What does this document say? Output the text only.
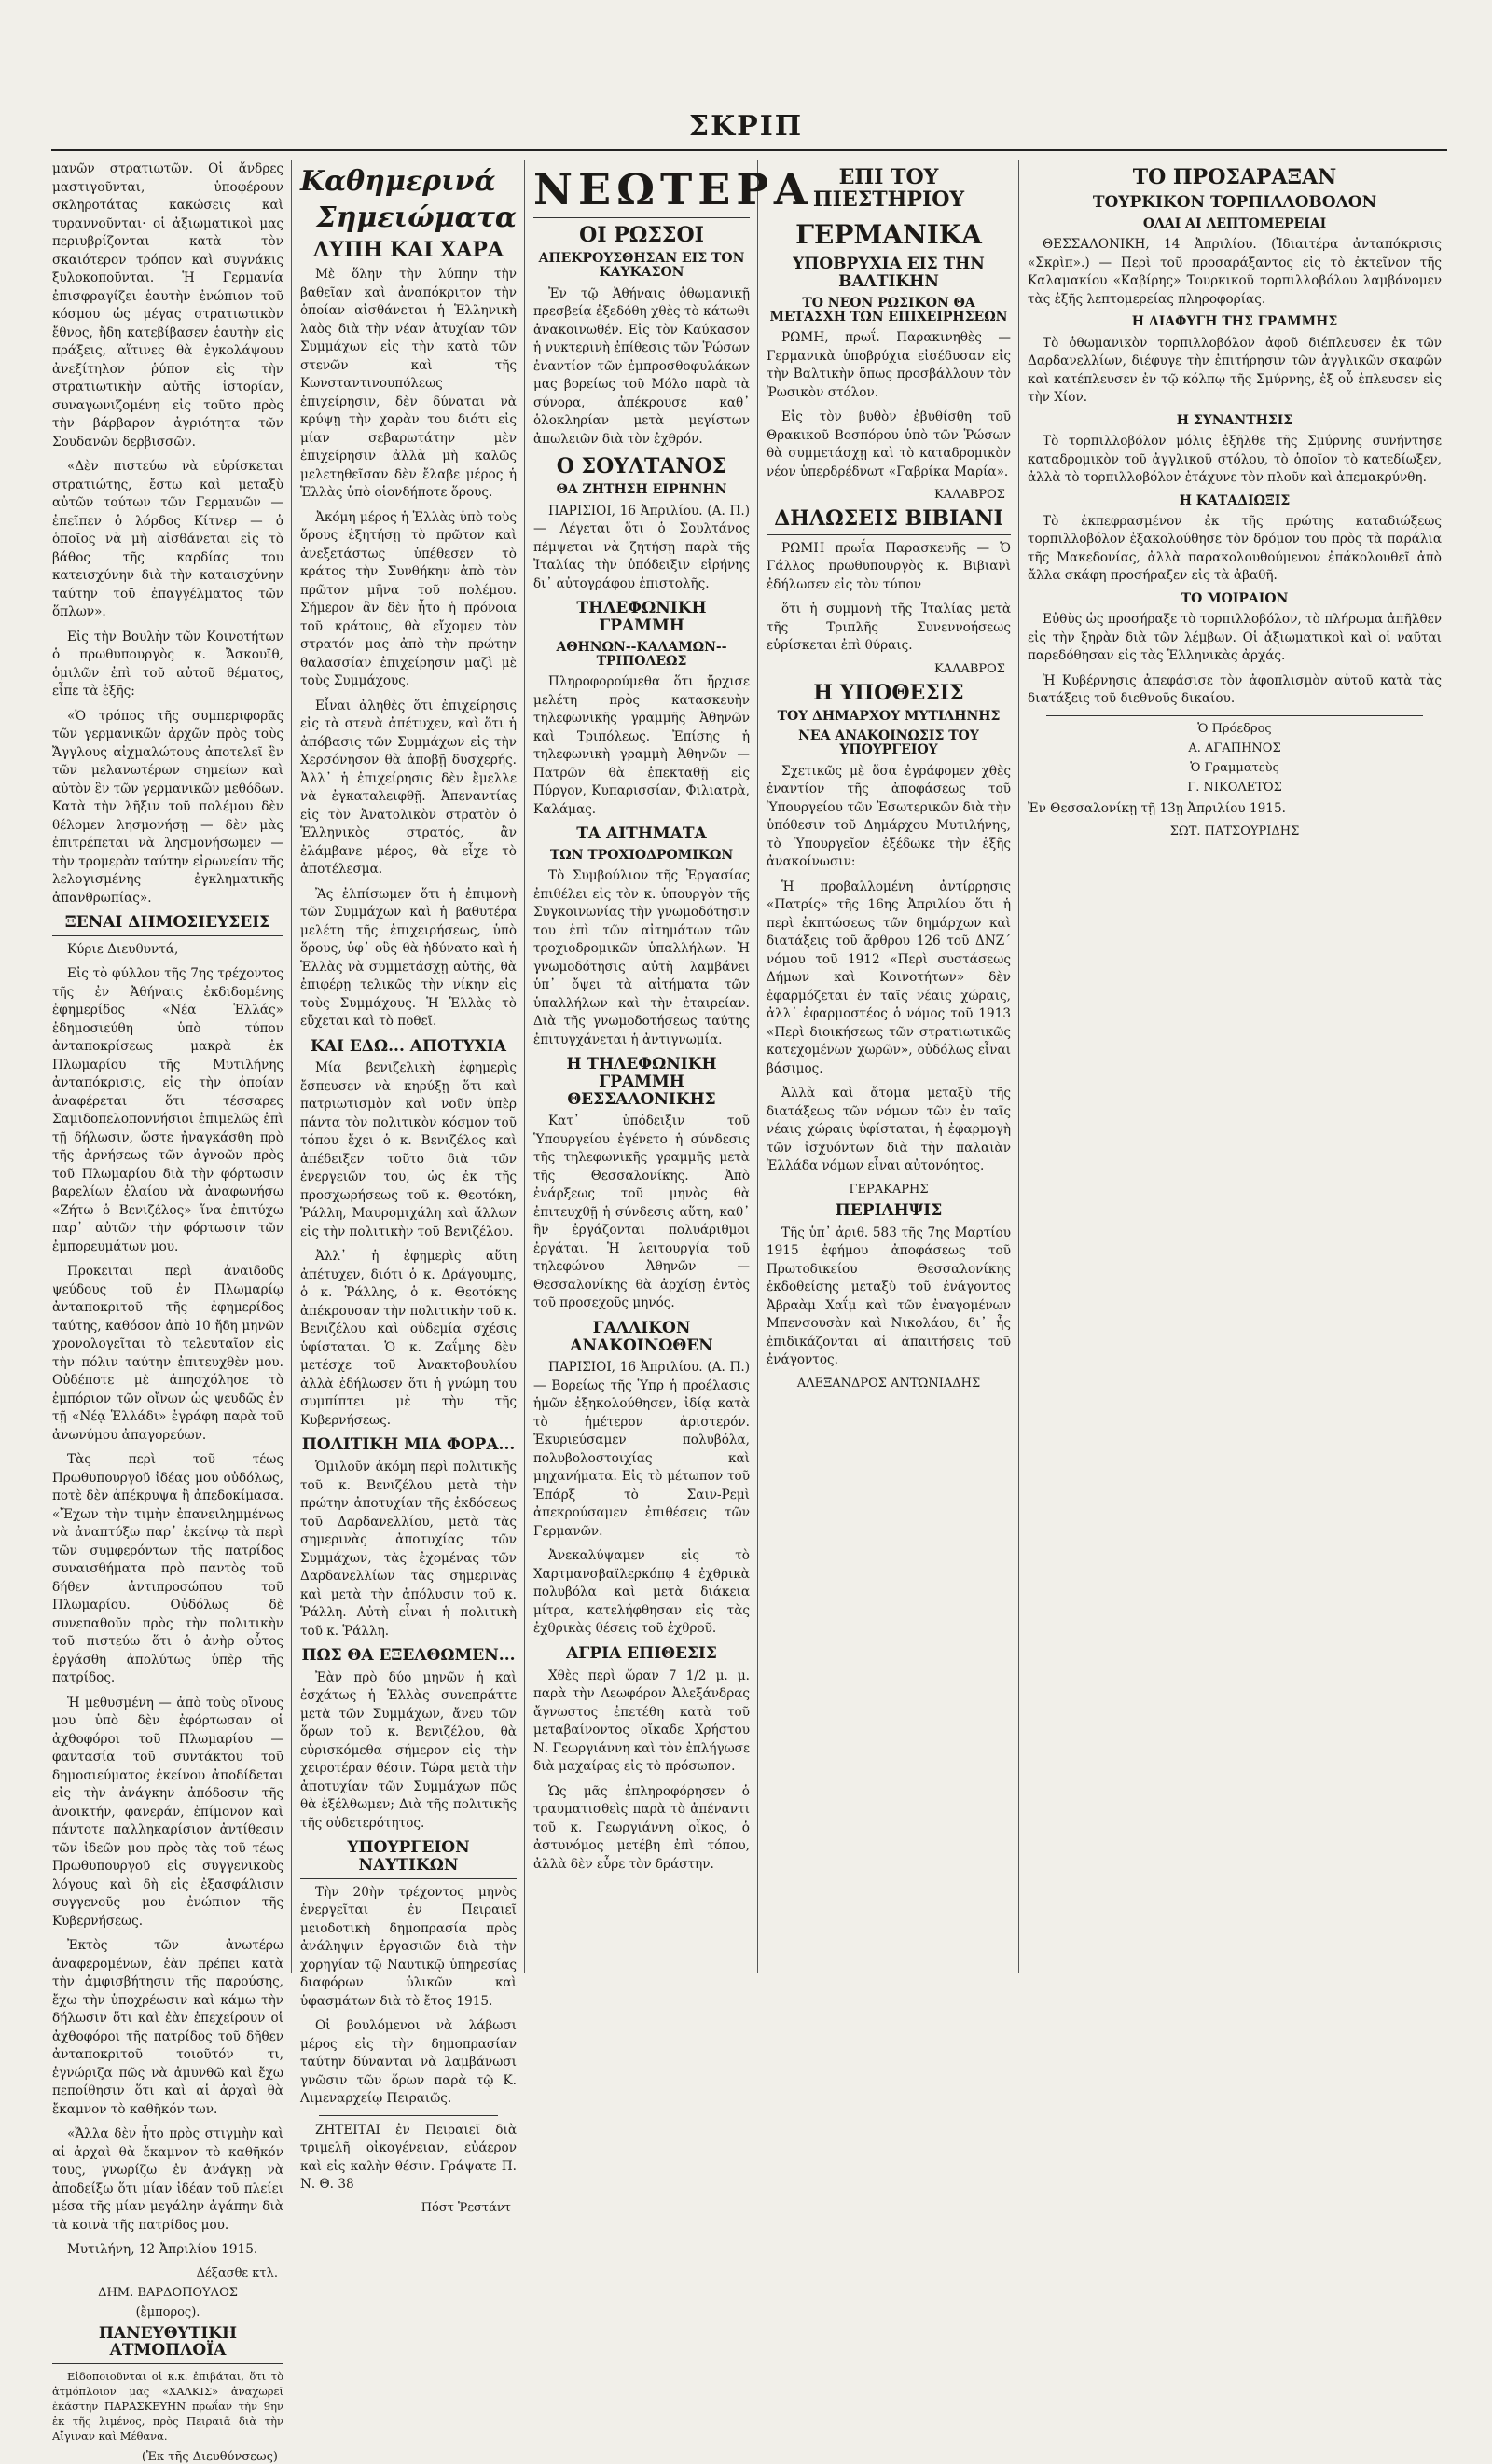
ΣΚΡΙΠ

μανῶν στρατιωτῶν. Οἱ ἄνδρες μαστιγοῦνται, ὑποφέρουν σκληροτάτας κακώσεις καὶ τυραννοῦνται· οἱ ἀξιωματικοὶ μας περιυβρίζονται κατὰ τὸν σκαιότερον τρόπον καὶ συγνάκις ξυλοκοποῦνται. Ἡ Γερμανία ἐπισφραγίζει ἑαυτὴν ἐνώπιον τοῦ κόσμου ὡς μέγας στρατιωτικὸν ἔθνος, ἤδη κατεβίβασεν ἑαυτὴν εἰς πράξεις, αἵτινες θὰ ἐγκολάψουν ἀνεξίτηλον ῥύπον εἰς τὴν στρατιωτικὴν αὐτῆς ἱστορίαν, συναγωνιζομένη εἰς τοῦτο πρὸς τὴν βάρβαρον ἀγριότητα τῶν Σουδανῶν δερβισσῶν.

«Δὲν πιστεύω νὰ εὑρίσκεται στρατιώτης, ἔστω καὶ μεταξὺ αὐτῶν τούτων τῶν Γερμανῶν — ἐπεῖπεν ὁ λόρδος Κίτνερ — ὁ ὁποῖος νὰ μὴ αἰσθάνεται εἰς τὸ βάθος τῆς καρδίας του κατεισχύνην διὰ τὴν καταισχύνην ταύτην τοῦ ἐπαγγέλματος τῶν ὅπλων».

Εἰς τὴν Βουλὴν τῶν Κοινοτήτων ὁ πρωθυπουργὸς κ. Ἄσκουϊθ, ὁμιλῶν ἐπὶ τοῦ αὐτοῦ θέματος, εἶπε τὰ ἑξῆς:

«Ὁ τρόπος τῆς συμπεριφορᾶς τῶν γερμανικῶν ἀρχῶν πρὸς τοὺς Ἄγγλους αἰχμαλώτους ἀποτελεῖ ἓν τῶν μελανωτέρων σημείων καὶ αὐτὸν ἓν τῶν γερμανικῶν μεθόδων. Κατὰ τὴν λῆξιν τοῦ πολέμου δὲν θέλομεν λησμονήσῃ — δὲν μὰς ἐπιτρέπεται νὰ λησμονήσωμεν — τὴν τρομερὰν ταύτην εἰρωνείαν τῆς λελογισμένης ἐγκληματικῆς ἀπανθρωπίας».

ΞΕΝΑΙ ΔΗΜΟΣΙΕΥΣΕΙΣ

Κύριε Διευθυντά,

Εἰς τὸ φύλλον τῆς 7ης τρέχοντος τῆς ἐν Ἀθήναις ἐκδιδομένης ἐφημερίδος «Νέα Ἑλλάς» ἐδημοσιεύθη ὑπὸ τύπον ἀνταποκρίσεως μακρὰ ἐκ Πλωμαρίου τῆς Μυτιλήνης ἀνταπόκρισις, εἰς τὴν ὁποίαν ἀναφέρεται ὅτι τέσσαρες Σαμιδοπελοποννήσιοι ἐπιμελῶς ἐπὶ τῇ δήλωσιν, ὥστε ἠναγκάσθη πρὸ τῆς ἀρνήσεως τῶν ἀγνοῶν πρὸς τοῦ Πλωμαρίου διὰ τὴν φόρτωσιν βαρελίων ἐλαίου νὰ ἀναφωνήσω «Ζήτω ὁ Βενιζέλος» ἵνα ἐπιτύχω παρ᾽ αὐτῶν τὴν φόρτωσιν τῶν ἐμπορευμάτων μου.

Προκειται περὶ ἀναιδοῦς ψεύδους τοῦ ἐν Πλωμαρίῳ ἀνταποκριτοῦ τῆς ἐφημερίδος ταύτης, καθόσον ἀπὸ 10 ἤδη μηνῶν χρονολογεῖται τὸ τελευταῖον εἰς τὴν πόλιν ταύτην ἐπιτευχθὲν μου. Οὐδέποτε μὲ ἀπησχόλησε τὸ ἐμπόριον τῶν οἴνων ὡς ψευδῶς ἐν τῇ «Νέᾳ Ἑλλάδι» ἐγράφη παρὰ τοῦ ἀνωνύμου ἀπαγορεύων.

Τὰς περὶ τοῦ τέως Πρωθυπουργοῦ ἰδέας μου οὐδόλως, ποτὲ δὲν ἀπέκρυψα ἢ ἀπεδοκίμασα. «Ἔχων τὴν τιμὴν ἐπανειλημμένως νὰ ἀναπτύξω παρ᾽ ἐκείνῳ τὰ περὶ τῶν συμφερόντων τῆς πατρίδος συναισθήματα πρὸ παντὸς τοῦ δήθεν ἀντιπροσώπου τοῦ Πλωμαρίου. Οὐδόλως δὲ συνεπαθοῦν πρὸς τὴν πολιτικὴν τοῦ πιστεύω ὅτι ὁ ἀνὴρ οὗτος ἐργάσθη ἀπολύτως ὑπὲρ τῆς πατρίδος.

Ἡ μεθυσμένη — ἀπὸ τοὺς οἴνους μου ὑπὸ δὲν ἐφόρτωσαν οἱ ἀχθοφόροι τοῦ Πλωμαρίου — φαντασία τοῦ συντάκτου τοῦ δημοσιεύματος ἐκείνου ἀποδίδεται εἰς τὴν ἀνάγκην ἀπόδοσιν τῆς ἀνοικτήν, φανεράν, ἐπίμονον καὶ πάντοτε παλληκαρίσιον ἀντίθεσιν τῶν ἰδεῶν μου πρὸς τὰς τοῦ τέως Πρωθυπουργοῦ εἰς συγγενικοὺς λόγους καὶ δὴ εἰς ἐξασφάλισιν συγγενοῦς μου ἐνώπιον τῆς Κυβερνήσεως.

Ἐκτὸς τῶν ἀνωτέρω ἀναφερομένων, ἐὰν πρέπει κατὰ τὴν ἀμφισβήτησιν τῆς παρούσης, ἔχω τὴν ὑποχρέωσιν καὶ κάμω τὴν δήλωσιν ὅτι καὶ ἐὰν ἐπεχείρουν οἱ ἀχθοφόροι τῆς πατρίδος τοῦ δῆθεν ἀνταποκριτοῦ τοιοῦτόν τι, ἐγνώριζα πῶς νὰ ἀμυνθῶ καὶ ἔχω πεποίθησιν ὅτι καὶ αἱ ἀρχαὶ θὰ ἔκαμνον τὸ καθῆκόν των.

«Ἄλλα δὲν ἦτο πρὸς στιγμὴν καὶ αἱ ἀρχαὶ θὰ ἔκαμνον τὸ καθῆκόν τους, γνωρίζω ἐν ἀνάγκῃ νὰ ἀποδείξω ὅτι μίαν ἰδέαν τοῦ πλείει μέσα τῆς μίαν μεγάλην ἀγάπην διὰ τὰ κοινὰ τῆς πατρίδος μου.

Μυτιλήνη, 12 Ἀπριλίου 1915.

Δέξασθε κτλ.
ΔΗΜ. ΒΑΡΔΟΠΟΥΛΟΣ
(ἔμπορος).
ΠΑΝΕΥΘΥΤΙΚΗ ΑΤΜΟΠΛΟΪΑ

Εἰδοποιοῦνται οἱ κ.κ. ἐπιβάται, ὅτι τὸ ἀτμόπλοιον μας «ΧΑΛΚΙΣ» ἀναχωρεῖ ἐκάστην ΠΑΡΑΣΚΕΥΗΝ πρωΐαν τὴν 9ην ἐκ τῆς λιμένος, πρὸς Πειραιᾶ διὰ τὴν Αἴγιναν καὶ Μέθανα.

(Ἐκ τῆς Διευθύνσεως)
Καθημερινά
Σημειώματα
ΛΥΠΗ ΚΑΙ ΧΑΡΑ

Μὲ ὅλην τὴν λύπην τὴν βαθεῖαν καὶ ἀναπόκριτον τὴν ὁποίαν αἰσθάνεται ἡ Ἑλληνικὴ λαὸς διὰ τὴν νέαν ἀτυχίαν τῶν Συμμάχων εἰς τὴν κατὰ τῶν στενῶν καὶ τῆς Κωνσταντινουπόλεως ἐπιχείρησιν, δὲν δύναται νὰ κρύψῃ τὴν χαρὰν του διότι εἰς μίαν σεβαρωτάτην μὲν ἐπιχείρησιν ἀλλὰ μὴ καλῶς μελετηθεῖσαν δὲν ἔλαβε μέρος ἡ Ἑλλὰς ὑπὸ οἱονδήποτε ὅρους.

Ἀκόμη μέρος ἡ Ἑλλὰς ὑπὸ τοὺς ὅρους ἐξητήσῃ τὸ πρῶτον καὶ ἀνεξετάστως ὑπέθεσεν τὸ κράτος τὴν Συνθήκην ἀπὸ τὸν πρῶτον μῆνα τοῦ πολέμου. Σήμερον ἂν δὲν ἦτο ἡ πρόνοια τοῦ κράτους, θὰ εἴχομεν τὸν στρατόν μας ἀπὸ τὴν πρώτην θαλασσίαν ἐπιχείρησιν μαζὶ μὲ τοὺς Συμμάχους.

Εἶναι ἀληθὲς ὅτι ἐπιχείρησις εἰς τὰ στενὰ ἀπέτυχεν, καὶ ὅτι ἡ ἀπόβασις τῶν Συμμάχων εἰς τὴν Χερσόνησον θὰ ἀποβῇ δυσχερής. Ἀλλ᾽ ἡ ἐπιχείρησις δὲν ἔμελλε νὰ ἐγκαταλειφθῇ. Ἀπεναντίας εἰς τὸν Ἀνατολικὸν στρατὸν ὁ Ἑλληνικὸς στρατός, ἂν ἐλάμβανε μέρος, θὰ εἶχε τὸ ἀποτέλεσμα.

Ἂς ἐλπίσωμεν ὅτι ἡ ἐπιμονὴ τῶν Συμμάχων καὶ ἡ βαθυτέρα μελέτη τῆς ἐπιχειρήσεως, ὑπὸ ὅρους, ὑφ᾽ οὓς θὰ ἠδύνατο καὶ ἡ Ἑλλὰς νὰ συμμετάσχῃ αὐτῆς, θὰ ἐπιφέρῃ τελικῶς τὴν νίκην εἰς τοὺς Συμμάχους. Ἡ Ἑλλὰς τὸ εὔχεται καὶ τὸ ποθεῖ.

ΚΑΙ ΕΔΩ... ΑΠΟΤΥΧΙΑ

Μία βενιζελικὴ ἐφημερὶς ἔσπευσεν νὰ κηρύξῃ ὅτι καὶ πατριωτισμὸν καὶ νοῦν ὑπὲρ πάντα τὸν πολιτικὸν κόσμον τοῦ τόπου ἔχει ὁ κ. Βενιζέλος καὶ ἀπέδειξεν τοῦτο διὰ τῶν ἐνεργειῶν του, ὡς ἐκ τῆς προσχωρήσεως τοῦ κ. Θεοτόκη, Ῥάλλη, Μαυρομιχάλη καὶ ἄλλων εἰς τὴν πολιτικὴν τοῦ Βενιζέλου.

Ἀλλ᾽ ἡ ἐφημερὶς αὕτη ἀπέτυχεν, διότι ὁ κ. Δράγουμης, ὁ κ. Ῥάλλης, ὁ κ. Θεοτόκης ἀπέκρουσαν τὴν πολιτικὴν τοῦ κ. Βενιζέλου καὶ οὐδεμία σχέσις ὑφίσταται. Ὁ κ. Ζαΐμης δὲν μετέσχε τοῦ Ἀνακτοβουλίου ἀλλὰ ἐδήλωσεν ὅτι ἡ γνώμη του συμπίπτει μὲ τὴν τῆς Κυβερνήσεως.

ΠΟΛΙΤΙΚΗ ΜΙΑ ΦΟΡΑ...

Ὁμιλοῦν ἀκόμη περὶ πολιτικῆς τοῦ κ. Βενιζέλου μετὰ τὴν πρώτην ἀποτυχίαν τῆς ἐκδόσεως τοῦ Δαρδανελλίου, μετὰ τὰς σημερινὰς ἀποτυχίας τῶν Συμμάχων, τὰς ἐχομένας τῶν Δαρδανελλίων τὰς σημερινὰς καὶ μετὰ τὴν ἀπόλυσιν τοῦ κ. Ῥάλλη. Αὐτὴ εἶναι ἡ πολιτικὴ τοῦ κ. Ῥάλλη.

ΠΩΣ ΘΑ ΕΞΕΛΘΩΜΕΝ...

Ἐὰν πρὸ δύο μηνῶν ἡ καὶ ἐσχάτως ἡ Ἑλλὰς συνεπράττε μετὰ τῶν Συμμάχων, ἄνευ τῶν ὅρων τοῦ κ. Βενιζέλου, θὰ εὑρισκόμεθα σήμερον εἰς τὴν χειροτέραν θέσιν. Τώρα μετὰ τὴν ἀποτυχίαν τῶν Συμμάχων πῶς θὰ ἐξέλθωμεν; Διὰ τῆς πολιτικῆς τῆς οὐδετερότητος.

ΥΠΟΥΡΓΕΙΟΝ ΝΑΥΤΙΚΩΝ

Τὴν 20ὴν τρέχοντος μηνὸς ἐνεργεῖται ἐν Πειραιεῖ μειοδοτικὴ δημοπρασία πρὸς ἀνάληψιν ἐργασιῶν διὰ τὴν χορηγίαν τῷ Ναυτικῷ ὑπηρεσίας διαφόρων ὑλικῶν καὶ ὑφασμάτων διὰ τὸ ἔτος 1915.

Οἱ βουλόμενοι νὰ λάβωσι μέρος εἰς τὴν δημοπρασίαν ταύτην δύνανται νὰ λαμβάνωσι γνῶσιν τῶν ὅρων παρὰ τῷ Κ. Λιμεναρχείῳ Πειραιῶς.

ΖΗΤΕΙΤΑΙ ἐν Πειραιεῖ διὰ τριμελῆ οἰκογένειαν, εὐάερον καὶ εἰς καλὴν θέσιν. Γράψατε Π. Ν. Θ. 38

Πόστ Ῥεστάντ
ΝΕΩΤΕΡΑ
ΟΙ ΡΩΣΣΟΙ
ΑΠΕΚΡΟΥΣΘΗΣΑΝ ΕΙΣ ΤΟΝ ΚΑΥΚΑΣΟΝ

Ἐν τῷ Ἀθήναις ὁθωμανικῇ πρεσβείᾳ ἐξεδόθη χθὲς τὸ κάτωθι ἀνακοινωθέν. Εἰς τὸν Καύκασον ἡ νυκτερινὴ ἐπίθεσις τῶν Ῥώσων ἐναντίον τῶν ἐμπροσθοφυλάκων μας βορείως τοῦ Μόλο παρὰ τὰ σύνορα, ἀπέκρουσε καθ᾽ ὁλοκληρίαν μετὰ μεγίστων ἀπωλειῶν διὰ τὸν ἐχθρόν.

Ο ΣΟΥΛΤΑΝΟΣ
ΘΑ ΖΗΤΗΣΗ ΕΙΡΗΝΗΝ

ΠΑΡΙΣΙΟΙ, 16 Ἀπριλίου. (Α. Π.) — Λέγεται ὅτι ὁ Σουλτάνος πέμψεται νὰ ζητήσῃ παρὰ τῆς Ἰταλίας τὴν ὑπόδειξιν εἰρήνης δι᾽ αὐτογράφου ἐπιστολῆς.

ΤΗΛΕΦΩΝΙΚΗ ΓΡΑΜΜΗ
ΑΘΗΝΩΝ--ΚΑΛΑΜΩΝ--ΤΡΙΠΟΛΕΩΣ

Πληροφορούμεθα ὅτι ἤρχισε μελέτη πρὸς κατασκευὴν τηλεφωνικῆς γραμμῆς Ἀθηνῶν καὶ Τριπόλεως. Ἐπίσης ἡ τηλεφωνικὴ γραμμὴ Ἀθηνῶν — Πατρῶν θὰ ἐπεκταθῇ εἰς Πύργον, Κυπαρισσίαν, Φιλιατρὰ, Καλάμας.

ΤΑ ΑΙΤΗΜΑΤΑ
ΤΩΝ ΤΡΟΧΙΟΔΡΟΜΙΚΩΝ

Τὸ Συμβούλιον τῆς Ἐργασίας ἐπιθέλει εἰς τὸν κ. ὑπουργὸν τῆς Συγκοινωνίας τὴν γνωμοδότησιν του ἐπὶ τῶν αἰτημάτων τῶν τροχιοδρομικῶν ὑπαλλήλων. Ἡ γνωμοδότησις αὐτὴ λαμβάνει ὑπ᾽ ὄψει τὰ αἰτήματα τῶν ὑπαλλήλων καὶ τὴν ἐταιρείαν. Διὰ τῆς γνωμοδοτήσεως ταύτης ἐπιτυγχάνεται ἡ ἀντιγνωμία.

Η ΤΗΛΕΦΩΝΙΚΗ ΓΡΑΜΜΗ ΘΕΣΣΑΛΟΝΙΚΗΣ

Κατ᾽ ὑπόδειξιν τοῦ Ὑπουργείου ἐγένετο ἡ σύνδεσις τῆς τηλεφωνικῆς γραμμῆς μετὰ τῆς Θεσσαλονίκης. Ἀπὸ ἐνάρξεως τοῦ μηνὸς θὰ ἐπιτευχθῇ ἡ σύνδεσις αὕτη, καθ᾽ ἣν ἐργάζονται πολυάριθμοι ἐργάται. Ἡ λειτουργία τοῦ τηλεφώνου Ἀθηνῶν — Θεσσαλονίκης θὰ ἀρχίσῃ ἐντὸς τοῦ προσεχοῦς μηνός.

ΓΑΛΛΙΚΟΝ ΑΝΑΚΟΙΝΩΘΕΝ

ΠΑΡΙΣΙΟΙ, 16 Ἀπριλίου. (Α. Π.) — Βορείως τῆς Ὑπρ ἡ προέλασις ἡμῶν ἐξηκολούθησεν, ἰδίᾳ κατὰ τὸ ἡμέτερον ἀριστερόν. Ἐκυριεύσαμεν πολυβόλα, πολυβολοστοιχίας καὶ μηχανήματα. Εἰς τὸ μέτωπον τοῦ Ἐπάρξ τὸ Σαιν-Ρεμὶ ἀπεκρούσαμεν ἐπιθέσεις τῶν Γερμανῶν.

Ἀνεκαλύψαμεν εἰς τὸ Χαρτμανσβαϊλερκόπφ 4 ἐχθρικὰ πολυβόλα καὶ μετὰ διάκεια μίτρα, κατελήφθησαν εἰς τὰς ἐχθρικὰς θέσεις τοῦ ἐχθροῦ.

ΑΓΡΙΑ ΕΠΙΘΕΣΙΣ

Χθὲς περὶ ὥραν 7 1/2 μ. μ. παρὰ τὴν Λεωφόρον Ἀλεξάνδρας ἄγνωστος ἐπετέθη κατὰ τοῦ μεταβαίνοντος οἴκαδε Χρήστου Ν. Γεωργιάννη καὶ τὸν ἐπλήγωσε διὰ μαχαίρας εἰς τὸ πρόσωπον.

Ὡς μᾶς ἐπληροφόρησεν ὁ τραυματισθεὶς παρὰ τὸ ἀπέναντι τοῦ κ. Γεωργιάννη οἶκος, ὁ ἀστυνόμος μετέβη ἐπὶ τόπου, ἀλλὰ δὲν εὗρε τὸν δράστην.

ΕΠΙ ΤΟΥ ΠΙΕΣΤΗΡΙΟΥ
ΓΕΡΜΑΝΙΚΑ
ΥΠΟΒΡΥΧΙΑ ΕΙΣ ΤΗΝ ΒΑΛΤΙΚΗΝ
ΤΟ ΝΕΟΝ ΡΩΣΙΚΟΝ ΘΑ ΜΕΤΑΣΧΗ ΤΩΝ ΕΠΙΧΕΙΡΗΣΕΩΝ

ΡΩΜΗ, πρωΐ. Παρακινηθὲς — Γερμανικὰ ὑποβρύχια εἰσέδυσαν εἰς τὴν Βαλτικὴν ὅπως προσβάλλουν τὸν Ῥωσικὸν στόλον.

Εἰς τὸν βυθὸν ἐβυθίσθη τοῦ Θρακικοῦ Βοσπόρου ὑπὸ τῶν Ῥώσων θὰ συμμετάσχῃ καὶ τὸ καταδρομικὸν νέον ὑπερδρέδνωτ «Γαβρίκα Μαρία».

ΚΑΛΑΒΡΟΣ
ΔΗΛΩΣΕΙΣ ΒΙΒΙΑΝΙ

ΡΩΜΗ πρωΐα Παρασκευῆς — Ὁ Γάλλος πρωθυπουργὸς κ. Βιβιανὶ ἐδήλωσεν εἰς τὸν τύπον

ὅτι ἡ συμμονὴ τῆς Ἰταλίας μετὰ τῆς Τριπλῆς Συνεννοήσεως εὑρίσκεται ἐπὶ θύραις.

ΚΑΛΑΒΡΟΣ
Η ΥΠΟΘΕΣΙΣ
ΤΟΥ ΔΗΜΑΡΧΟΥ ΜΥΤΙΛΗΝΗΣ
ΝΕΑ ΑΝΑΚΟΙΝΩΣΙΣ ΤΟΥ ΥΠΟΥΡΓΕΙΟΥ

Σχετικῶς μὲ ὅσα ἐγράφομεν χθὲς ἐναντίον τῆς ἀποφάσεως τοῦ Ὑπουργείου τῶν Ἐσωτερικῶν διὰ τὴν ὑπόθεσιν τοῦ Δημάρχου Μυτιλήνης, τὸ Ὑπουργεῖον ἐξέδωκε τὴν ἑξῆς ἀνακοίνωσιν:

Ἡ προβαλλομένη ἀντίρρησις «Πατρίς» τῆς 16ης Ἀπριλίου ὅτι ἡ περὶ ἐκπτώσεως τῶν δημάρχων καὶ διατάξεις τοῦ ἄρθρου 126 τοῦ ΔΝΖ΄ νόμου τοῦ 1912 «Περὶ συστάσεως Δήμων καὶ Κοινοτήτων» δὲν ἐφαρμόζεται ἐν ταῖς νέαις χώραις, ἀλλ᾽ ἐφαρμοστέος ὁ νόμος τοῦ 1913 «Περὶ διοικήσεως τῶν στρατιωτικῶς κατεχομένων χωρῶν», οὐδόλως εἶναι βάσιμος.

Ἀλλὰ καὶ ἄτομα μεταξὺ τῆς διατάξεως τῶν νόμων τῶν ἐν ταῖς νέαις χώραις ὑφίσταται, ἡ ἐφαρμογὴ τῶν ἰσχυόντων διὰ τὴν παλαιὰν Ἑλλάδα νόμων εἶναι αὐτονόητος.

ΓΕΡΑΚΑΡΗΣ
ΠΕΡΙΛΗΨΙΣ

Τῆς ὑπ᾽ ἀριθ. 583 τῆς 7ης Μαρτίου 1915 ἐφήμου ἀποφάσεως τοῦ Πρωτοδικείου Θεσσαλονίκης ἐκδοθείσης μεταξὺ τοῦ ἐνάγοντος Ἀβραὰμ Χαΐμ καὶ τῶν ἐναγομένων Μπενσουσὰν καὶ Νικολάου, δι᾽ ἧς ἐπιδικάζονται αἱ ἀπαιτήσεις τοῦ ἐνάγοντος.

ΑΛΕΞΑΝΔΡΟΣ ΑΝΤΩΝΙΑΔΗΣ
ΤΟ ΠΡΟΣΑΡΑΞΑΝ
ΤΟΥΡΚΙΚΟΝ ΤΟΡΠΙΛΛΟΒΟΛΟΝ
ΟΛΑΙ ΑΙ ΛΕΠΤΟΜΕΡΕΙΑΙ

ΘΕΣΣΑΛΟΝΙΚΗ, 14 Ἀπριλίου. (Ἰδιαιτέρα ἀνταπόκρισις «Σκρὶπ».) — Περὶ τοῦ προσαράξαντος εἰς τὸ ἐκτεῖνον τῆς Καλαμακίου «Καβίρης» Τουρκικοῦ τορπιλλοβόλου λαμβάνομεν τὰς ἑξῆς λεπτομερείας πληροφορίας.

Η ΔΙΑΦΥΓΗ ΤΗΣ ΓΡΑΜΜΗΣ

Τὸ ὁθωμανικὸν τορπιλλοβόλον ἀφοῦ διέπλευσεν ἐκ τῶν Δαρδανελλίων, διέφυγε τὴν ἐπιτήρησιν τῶν ἀγγλικῶν σκαφῶν καὶ κατέπλευσεν ἐν τῷ κόλπῳ τῆς Σμύρνης, ἐξ οὗ ἐπλευσεν εἰς τὴν Χίον.

Η ΣΥΝΑΝΤΗΣΙΣ

Τὸ τορπιλλοβόλον μόλις ἐξῆλθε τῆς Σμύρνης συνήντησε καταδρομικὸν τοῦ ἀγγλικοῦ στόλου, τὸ ὁποῖον τὸ κατεδίωξεν, ἀλλὰ τὸ τορπιλλοβόλον ἐτάχυνε τὸν πλοῦν καὶ ἀπεμακρύνθη.

Η ΚΑΤΑΔΙΩΞΙΣ

Τὸ ἐκπεφρασμένον ἐκ τῆς πρώτης καταδιώξεως τορπιλλοβόλον ἐξακολούθησε τὸν δρόμον του πρὸς τὰ παράλια τῆς Μακεδονίας, ἀλλὰ παρακολουθούμενον ἐπάκολουθεῖ ἀπὸ ἄλλα σκάφη προσήραξεν εἰς τὰ ἀβαθῆ.

ΤΟ ΜΟΙΡΑΙΟΝ

Εὐθὺς ὡς προσήραξε τὸ τορπιλλοβόλον, τὸ πλήρωμα ἀπῆλθεν εἰς τὴν ξηρὰν διὰ τῶν λέμβων. Οἱ ἀξιωματικοὶ καὶ οἱ ναῦται παρεδόθησαν εἰς τὰς Ἑλληνικὰς ἀρχάς.

Ἡ Κυβέρνησις ἀπεφάσισε τὸν ἀφοπλισμὸν αὐτοῦ κατὰ τὰς διατάξεις τοῦ διεθνοῦς δικαίου.

Ὁ Πρόεδρος
Α. ΑΓΑΠΗΝΟΣ
Ὁ Γραμματεὺς
Γ. ΝΙΚΟΛΕΤΟΣ

Ἐν Θεσσαλονίκῃ τῇ 13ῃ Ἀπριλίου 1915.

ΣΩΤ. ΠΑΤΣΟΥΡΙΔΗΣ
